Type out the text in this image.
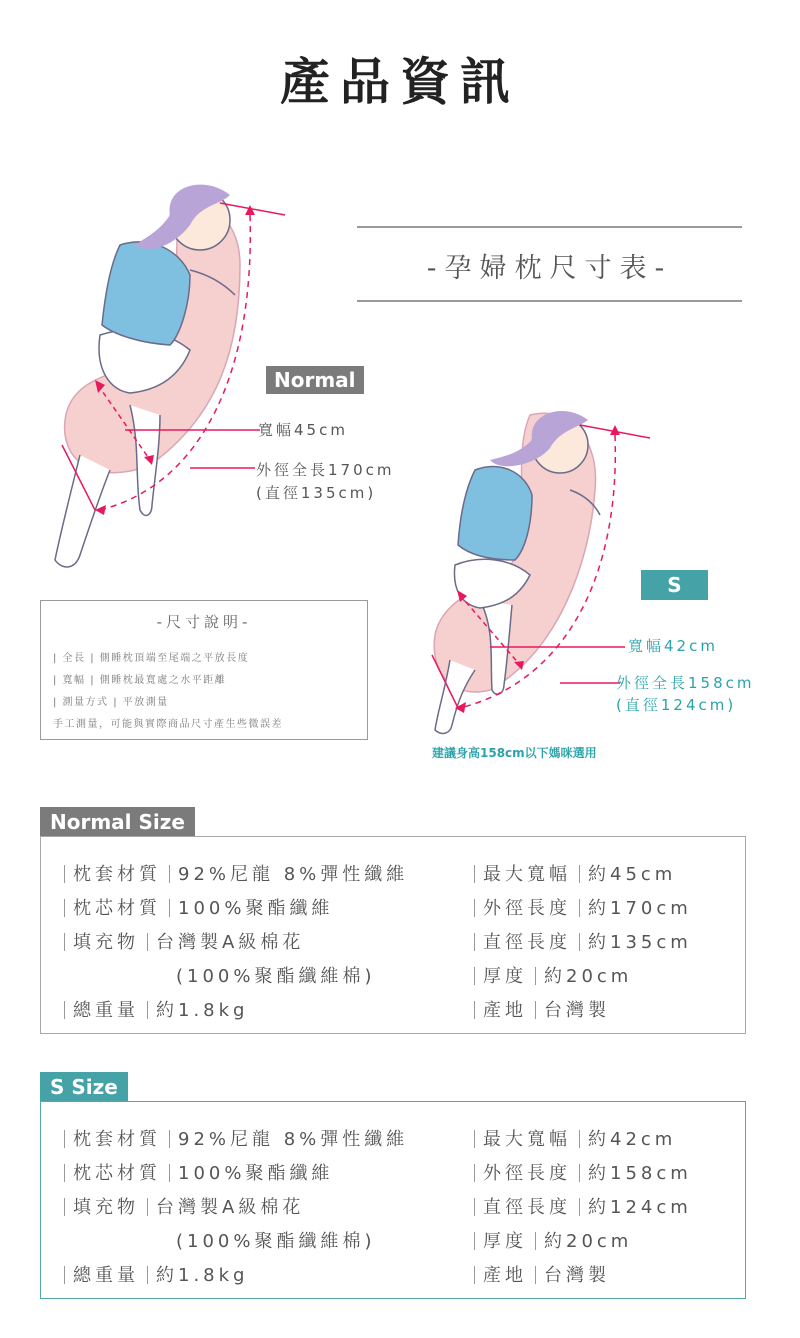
產品資訊
-孕婦枕尺寸表-
Normal
寬幅45cm
外徑全長170cm
(直徑135cm)
S
寬幅42cm
外徑全長158cm
(直徑124cm)
建議身高158cm以下媽咪選用
-尺寸說明-
| 全長 | 側睡枕頂端至尾端之平放長度
| 寬幅 | 側睡枕最寬處之水平距離
| 測量方式 | 平放測量
手工測量，可能與實際商品尺寸產生些微誤差
Normal Size
枕套材質 92%尼龍 8%彈性纖維
枕芯材質 100%聚酯纖維
填充物 台灣製A級棉花
(100%聚酯纖維棉)
總重量 約1.8kg
最大寬幅 約45cm
外徑長度 約170cm
直徑長度 約135cm
厚度 約20cm
產地 台灣製
S Size
枕套材質 92%尼龍 8%彈性纖維
枕芯材質 100%聚酯纖維
填充物 台灣製A級棉花
(100%聚酯纖維棉)
總重量 約1.8kg
最大寬幅 約42cm
外徑長度 約158cm
直徑長度 約124cm
厚度 約20cm
產地 台灣製
